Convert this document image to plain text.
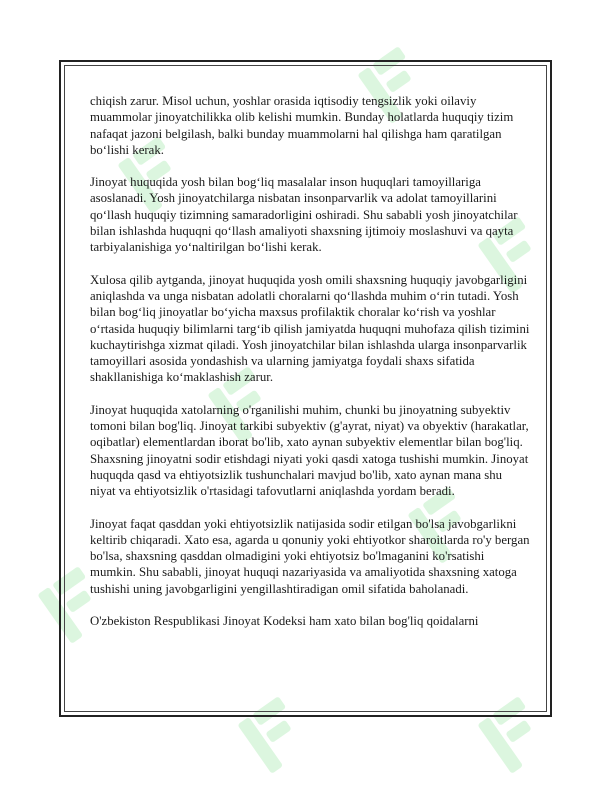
chiqish zarur. Misol uchun, yoshlar orasida iqtisodiy tengsizlik yoki oilaviy muammolar jinoyatchilikka olib kelishi mumkin. Bunday holatlarda huquqiy tizim nafaqat jazoni belgilash, balki bunday muammolarni hal qilishga ham qaratilgan bo‘lishi kerak.

Jinoyat huquqida yosh bilan bog‘liq masalalar inson huquqlari tamoyillariga asoslanadi. Yosh jinoyatchilarga nisbatan insonparvarlik va adolat tamoyillarini qo‘llash huquqiy tizimning samaradorligini oshiradi. Shu sababli yosh jinoyatchilar bilan ishlashda huquqni qo‘llash amaliyoti shaxsning ijtimoiy moslashuvi va qayta tarbiyalanishiga yo‘naltirilgan bo‘lishi kerak.

Xulosa qilib aytganda, jinoyat huquqida yosh omili shaxsning huquqiy javobgarligini aniqlashda va unga nisbatan adolatli choralarni qo‘llashda muhim o‘rin tutadi. Yosh bilan bog‘liq jinoyatlar bo‘yicha maxsus profilaktik choralar ko‘rish va yoshlar o‘rtasida huquqiy bilimlarni targ‘ib qilish jamiyatda huquqni muhofaza qilish tizimini kuchaytirishga xizmat qiladi. Yosh jinoyatchilar bilan ishlashda ularga insonparvarlik tamoyillari asosida yondashish va ularning jamiyatga foydali shaxs sifatida shakllanishiga ko‘maklashish zarur.

Jinoyat huquqida xatolarning o'rganilishi muhim, chunki bu jinoyatning subyektiv tomoni bilan bog'liq. Jinoyat tarkibi subyektiv (g'ayrat, niyat) va obyektiv (harakatlar, oqibatlar) elementlardan iborat bo'lib, xato aynan subyektiv elementlar bilan bog'liq. Shaxsning jinoyatni sodir etishdagi niyati yoki qasdi xatoga tushishi mumkin. Jinoyat huquqda qasd va ehtiyotsizlik tushunchalari mavjud bo'lib, xato aynan mana shu niyat va ehtiyotsizlik o'rtasidagi tafovutlarni aniqlashda yordam beradi.

Jinoyat faqat qasddan yoki ehtiyotsizlik natijasida sodir etilgan bo'lsa javobgarlikni keltirib chiqaradi. Xato esa, agarda u qonuniy yoki ehtiyotkor sharoitlarda ro'y bergan bo'lsa, shaxsning qasddan olmadigini yoki ehtiyotsiz bo'lmaganini ko'rsatishi mumkin. Shu sababli, jinoyat huquqi nazariyasida va amaliyotida shaxsning xatoga tushishi uning javobgarligini yengillashtiradigan omil sifatida baholanadi.

O'zbekiston Respublikasi Jinoyat Kodeksi ham xato bilan bog'liq qoidalarni
